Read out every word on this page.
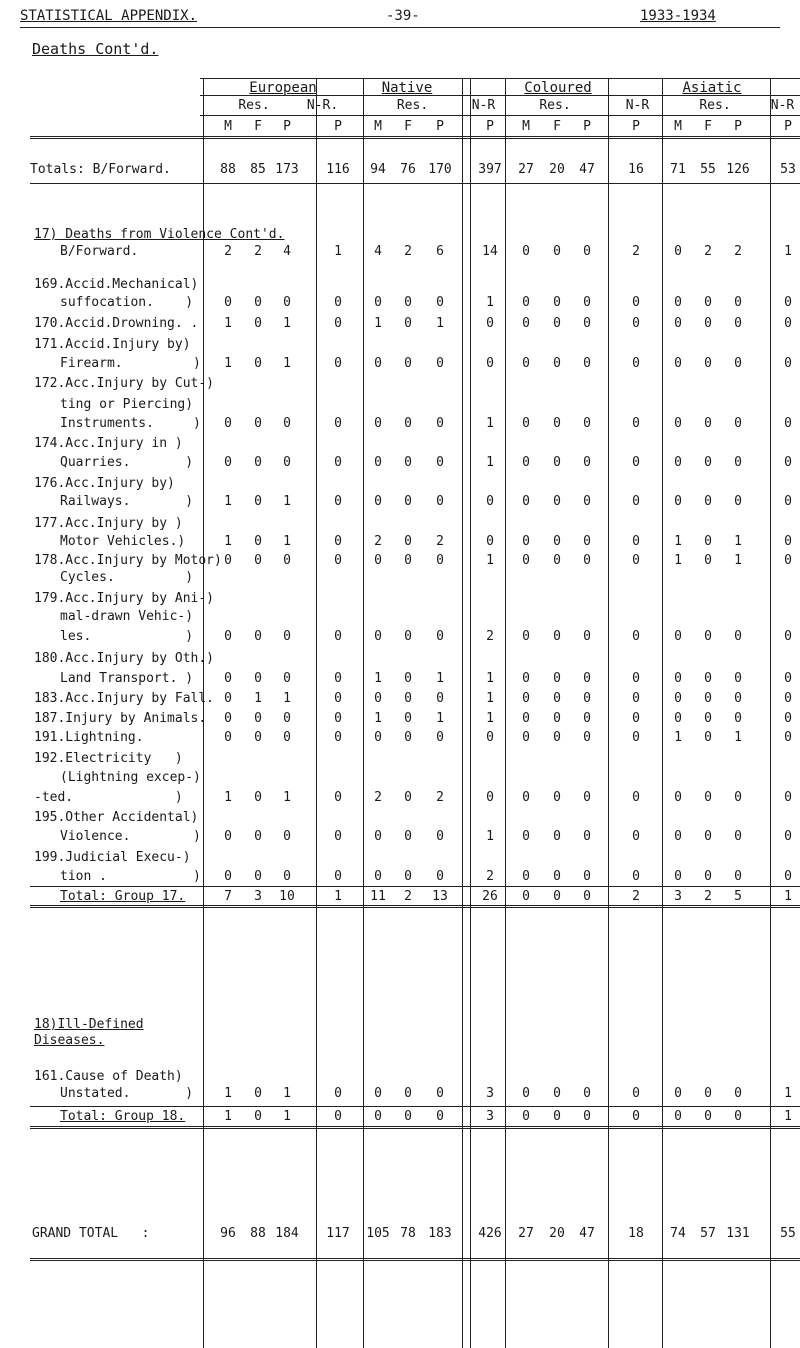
STATISTICAL APPENDIX.	-39-	1933-1934
Deaths Cont'd.
European	Native	Coloured	Asiatic
Res.	N-R.	Res.	N-R	Res.	N-R	Res.	N-R
M	F	P	P	M	F	P	P	M	F	P	P	M	F	P	P
Totals: B/Forward.	88	85 173 116	94	76 170 397	27	20	47	16	71	55 126	53
17) Deaths from Violence Cont'd.
B/Forward.	2	2	4	1	4	2	6	14	0	0	0	2	0	2	2	1
169.Accid.Mechanical)
suffocation.    )	0	0	0	0	0	0	0	1	0	0	0	0	0	0	0	0
170.Accid.Drowning. .	1	0	1	0	1	0	1	0	0	0	0	0	0	0	0	0
171.Accid.Injury by)
Firearm.         )	1	0	1	0	0	0	0	0	0	0	0	0	0	0	0	0
172.Acc.Injury by Cut-)
ting or Piercing)
Instruments.     )	0	0	0	0	0	0	0	1	0	0	0	0	0	0	0	0
174.Acc.Injury in )
Quarries.       )	0	0	0	0	0	0	0	1	0	0	0	0	0	0	0	0
176.Acc.Injury by)
Railways.       )	1	0	1	0	0	0	0	0	0	0	0	0	0	0	0	0
177.Acc.Injury by )
Motor Vehicles.)	1	0	1	0	2	0	2	0	0	0	0	0	1	0	1	0
178.Acc.Injury by Motor) 0	0	0	0	0	0	0	1	0	0	0	0	1	0	1	0
Cycles.         )
179.Acc.Injury by Ani-)
mal-drawn Vehic-)
les.            )	0	0	0	0	0	0	0	2	0	0	0	0	0	0	0	0
180.Acc.Injury by Oth.)
Land Transport. )	0	0	0	0	1	0	1	1	0	0	0	0	0	0	0	0
183.Acc.Injury by Fall. 0	1	1	0	0	0	0	1	0	0	0	0	0	0	0	0
187.Injury by Animals.	0	0	0	0	1	0	1	1	0	0	0	0	0	0	0	0
191.Lightning.	0	0	0	0	0	0	0	0	0	0	0	0	1	0	1	0
192.Electricity   )
(Lightning excep-)
-ted.             )	1	0	1	0	2	0	2	0	0	0	0	0	0	0	0	0
195.Other Accidental)
Violence.        )	0	0	0	0	0	0	0	1	0	0	0	0	0	0	0	0
199.Judicial Execu-)
tion .           )	0	0	0	0	0	0	0	2	0	0	0	0	0	0	0	0
Total: Group 17.	7	3	10	1	11	2	13	26	0	0	0	2	3	2	5	1
18)Ill-Defined
Diseases.
161.Cause of Death)
Unstated.       )	1	0	1	0	0	0	0	3	0	0	0	0	0	0	0	1
Total: Group 18.	1	0	1	0	0	0	0	3	0	0	0	0	0	0	0	1
GRAND TOTAL   :	96	88 184 117 105 78 183 426	27	20	47	18	74	57 131	55
